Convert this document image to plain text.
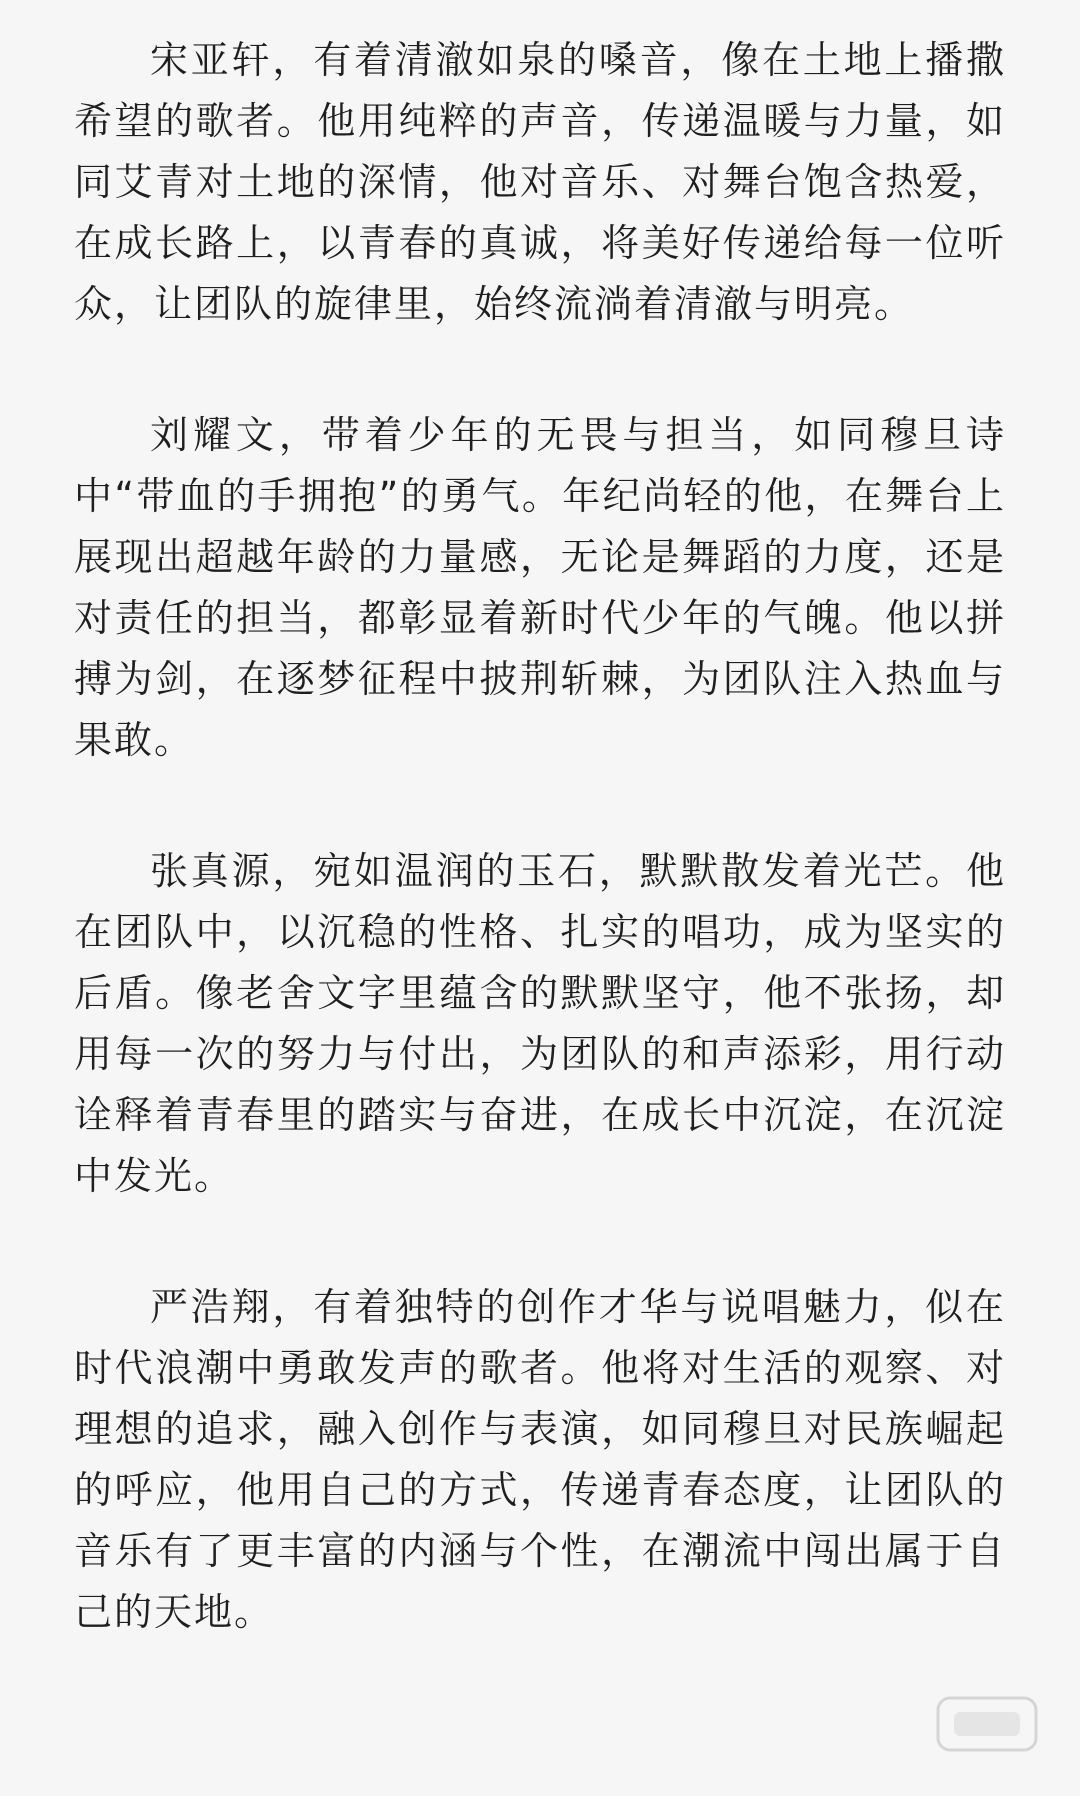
宋亚轩，有着清澈如泉的嗓音，像在土地上播撒希望的歌者。他用纯粹的声音，传递温暖与力量，如同艾青对土地的深情，他对音乐、对舞台饱含热爱，在成长路上，以青春的真诚，将美好传递给每一位听众，让团队的旋律里，始终流淌着清澈与明亮。

刘耀文，带着少年的无畏与担当，如同穆旦诗中“带血的手拥抱”的勇气。年纪尚轻的他，在舞台上展现出超越年龄的力量感，无论是舞蹈的力度，还是对责任的担当，都彰显着新时代少年的气魄。他以拼搏为剑，在逐梦征程中披荆斩棘，为团队注入热血与果敢。

张真源，宛如温润的玉石，默默散发着光芒。他在团队中，以沉稳的性格、扎实的唱功，成为坚实的后盾。像老舍文字里蕴含的默默坚守，他不张扬，却用每一次的努力与付出，为团队的和声添彩，用行动诠释着青春里的踏实与奋进，在成长中沉淀，在沉淀中发光。

严浩翔，有着独特的创作才华与说唱魅力，似在时代浪潮中勇敢发声的歌者。他将对生活的观察、对理想的追求，融入创作与表演，如同穆旦对民族崛起的呼应，他用自己的方式，传递青春态度，让团队的音乐有了更丰富的内涵与个性，在潮流中闯出属于自己的天地。
